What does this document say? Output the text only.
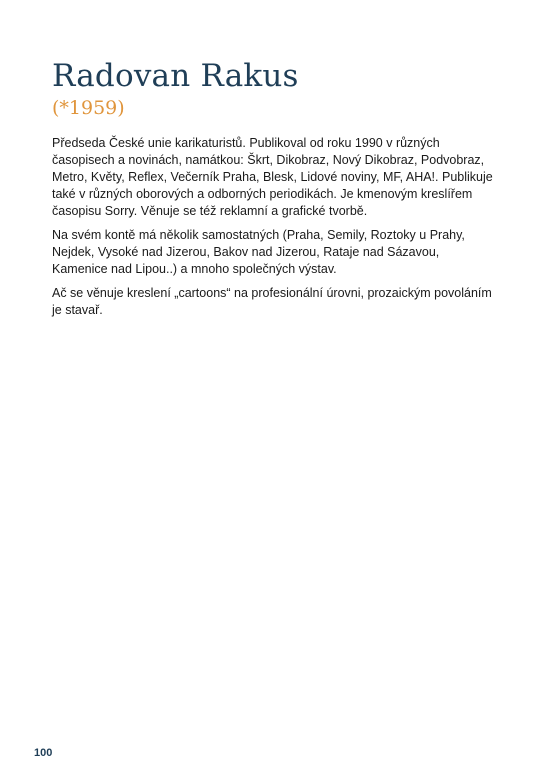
Radovan Rakus
(*1959)

Předseda České unie karikaturistů. Publikoval od roku 1990 v různých časopisech a novinách, namátkou: Škrt, Dikobraz, Nový Dikobraz, Podvobraz, Metro, Květy, Reflex, Večerník Praha, Blesk, Lidové noviny, MF, AHA!. Publikuje také v různých oborových a odborných periodikách. Je kmenovým kreslířem časopisu Sorry. Věnuje se též reklamní a grafické tvorbě.

Na svém kontě má několik samostatných (Praha, Semily, Roztoky u Prahy, Nejdek, Vysoké nad Jizerou, Bakov nad Jizerou, Rataje nad Sázavou, Kamenice nad Lipou..) a mnoho společných výstav.

Ač se věnuje kreslení „cartoons“ na profesionální úrovni, prozaickým povoláním je stavař.

100
